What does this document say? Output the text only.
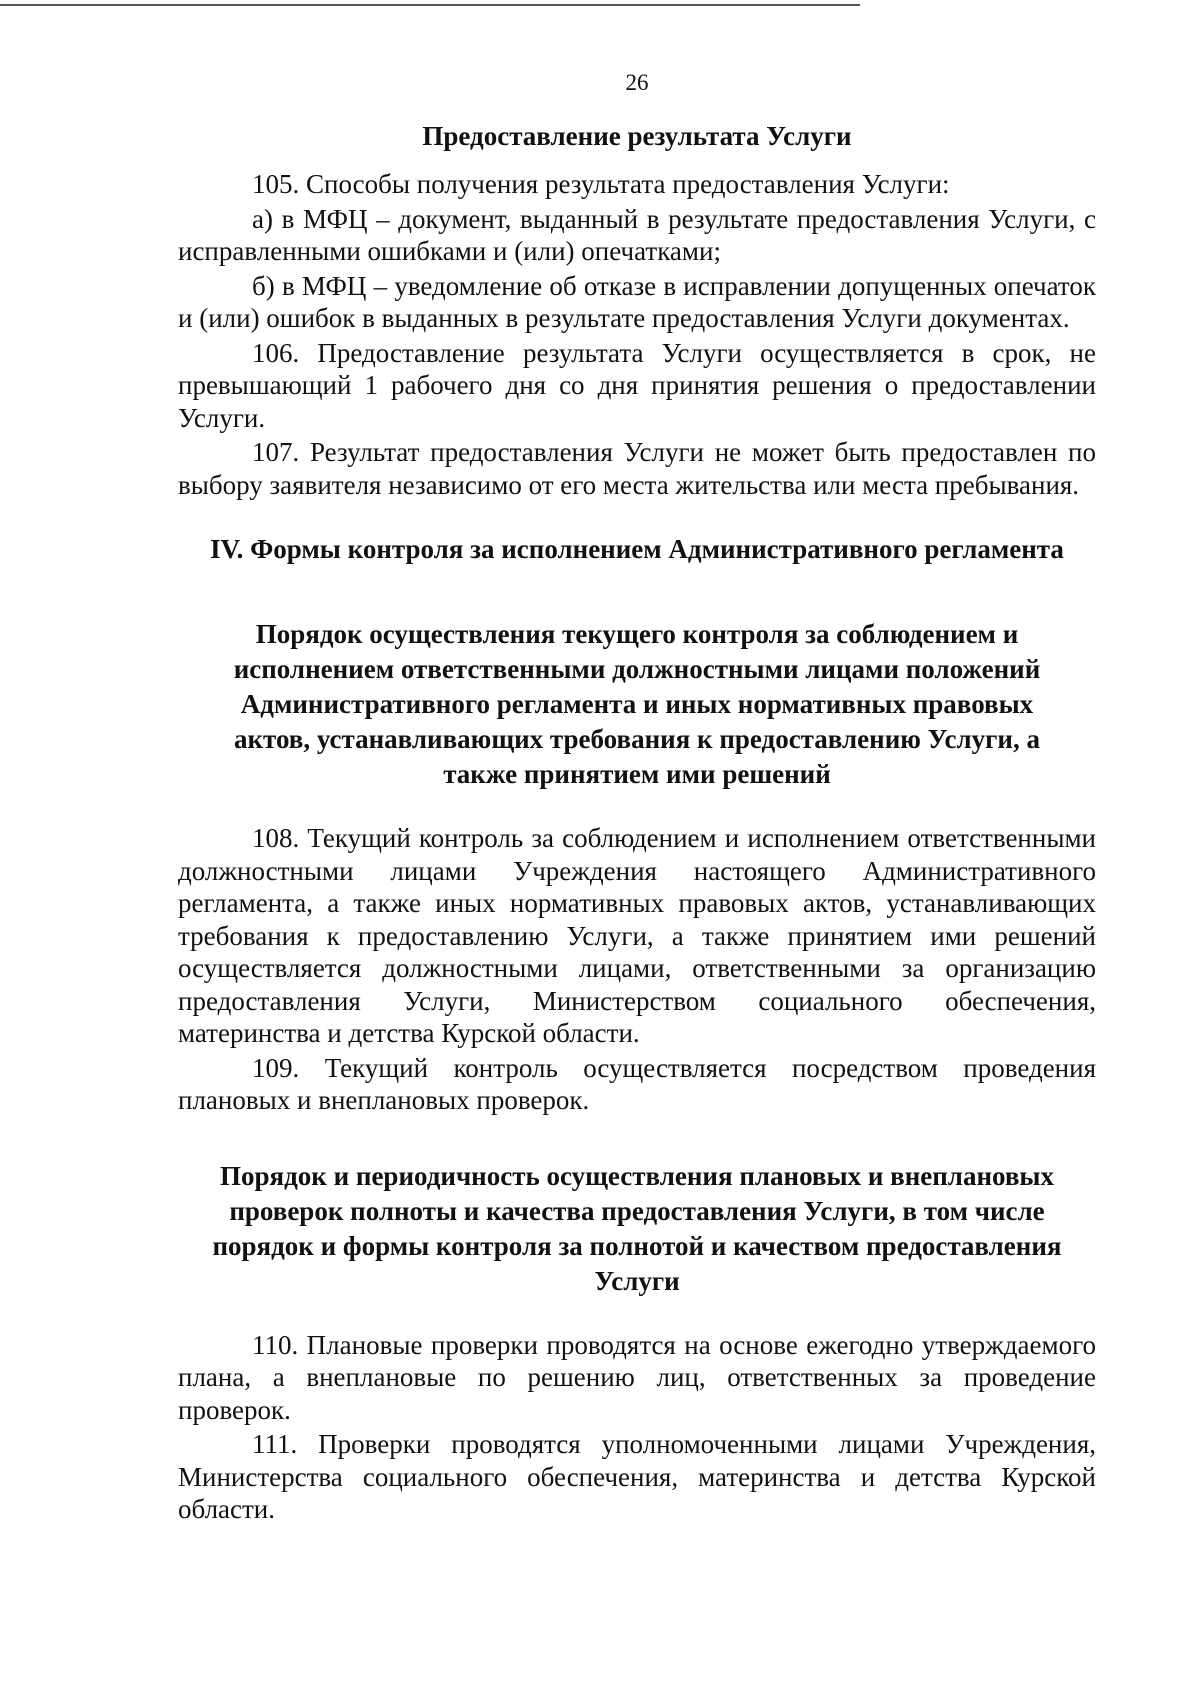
26
Предоставление результата Услуги

105. Способы получения результата предоставления Услуги:

а) в МФЦ – документ, выданный в результате предоставления Услуги, с исправленными ошибками и (или) опечатками;

б) в МФЦ – уведомление об отказе в исправлении допущенных опечаток и (или) ошибок в выданных в результате предоставления Услуги документах.

106. Предоставление результата Услуги осуществляется в срок, не превышающий 1 рабочего дня со дня принятия решения о предоставлении Услуги.

107. Результат предоставления Услуги не может быть предоставлен по выбору заявителя независимо от его места жительства или места пребывания.

IV. Формы контроля за исполнением Административного регламента
Порядок осуществления текущего контроля за соблюдением и
исполнением ответственными должностными лицами положений
Административного регламента и иных нормативных правовых
актов, устанавливающих требования к предоставлению Услуги, а
также принятием ими решений

108. Текущий контроль за соблюдением и исполнением ответственными должностными лицами Учреждения настоящего Административного регламента, а также иных нормативных правовых актов, устанавливающих требования к предоставлению Услуги, а также принятием ими решений осуществляется должностными лицами, ответственными за организацию предоставления Услуги, Министерством социального обеспечения, материнства и детства Курской области.

109. Текущий контроль осуществляется посредством проведения плановых и внеплановых проверок.

Порядок и периодичность осуществления плановых и внеплановых
проверок полноты и качества предоставления Услуги, в том числе
порядок и формы контроля за полнотой и качеством предоставления
Услуги

110. Плановые проверки проводятся на основе ежегодно утверждаемого плана, а внеплановые по решению лиц, ответственных за проведение проверок.

111. Проверки проводятся уполномоченными лицами Учреждения, Министерства социального обеспечения, материнства и детства Курской области.
